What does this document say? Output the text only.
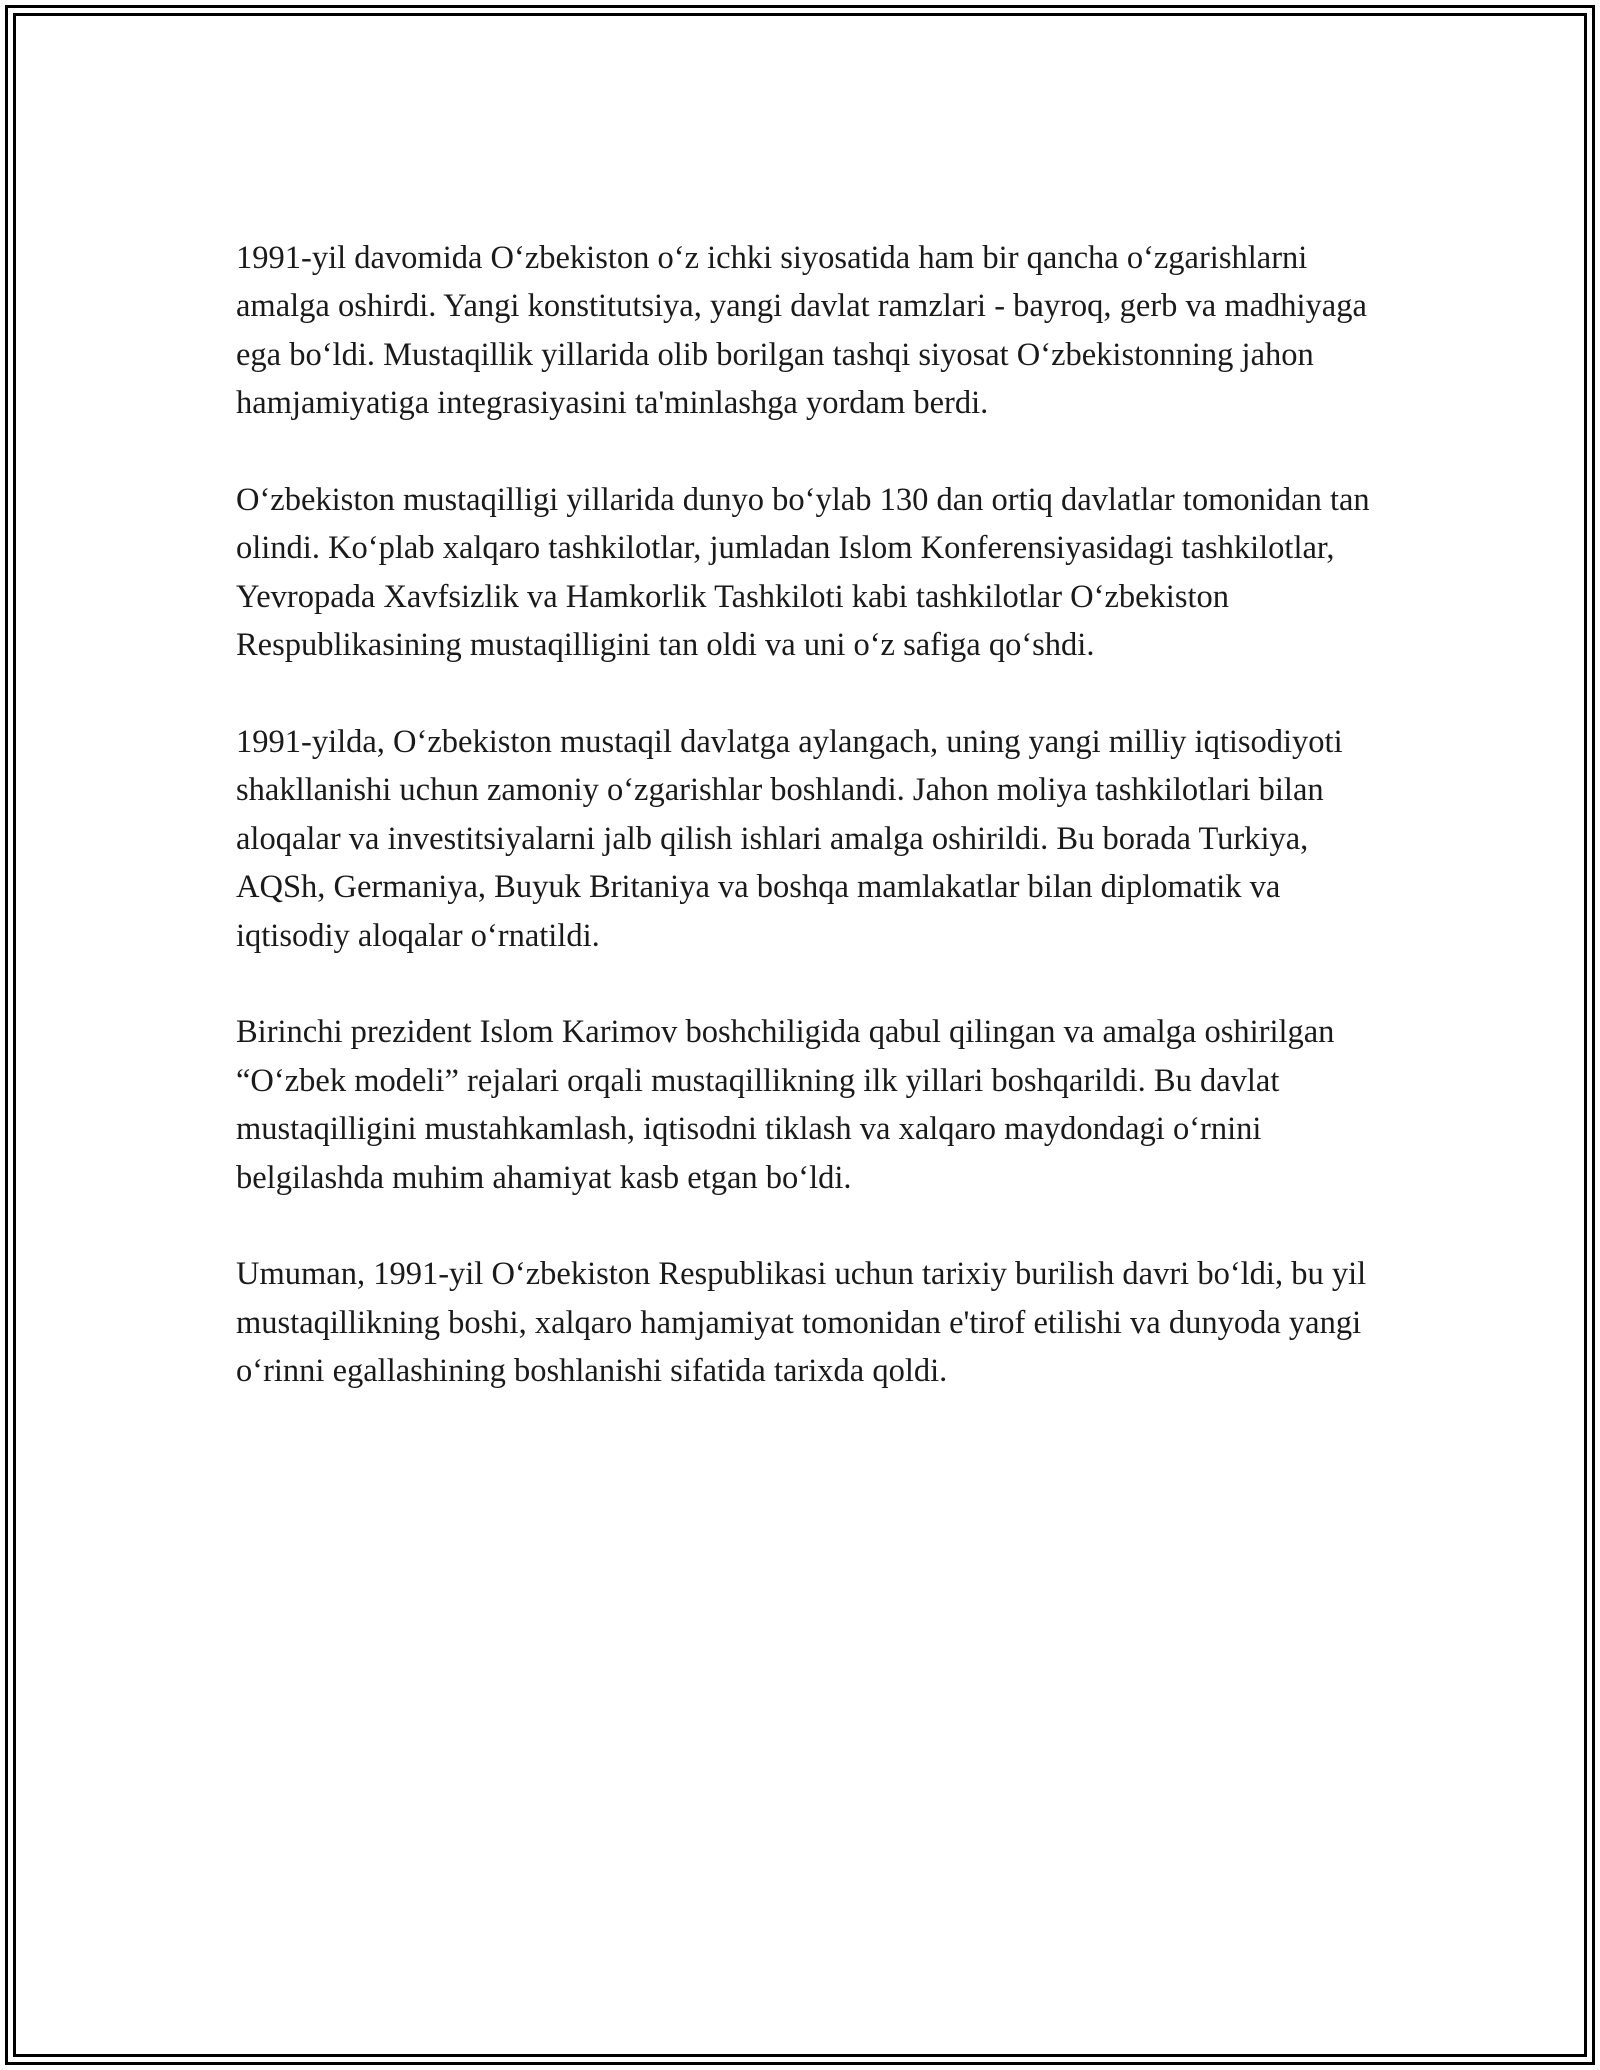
1991-yil davomida O‘zbekiston o‘z ichki siyosatida ham bir qancha o‘zgarishlarni amalga oshirdi. Yangi konstitutsiya, yangi davlat ramzlari - bayroq, gerb va madhiyaga ega bo‘ldi. Mustaqillik yillarida olib borilgan tashqi siyosat O‘zbekistonning jahon hamjamiyatiga integrasiyasini ta'minlashga yordam berdi.

O‘zbekiston mustaqilligi yillarida dunyo bo‘ylab 130 dan ortiq davlatlar tomonidan tan olindi. Ko‘plab xalqaro tashkilotlar, jumladan Islom Konferensiyasidagi tashkilotlar, Yevropada Xavfsizlik va Hamkorlik Tashkiloti kabi tashkilotlar O‘zbekiston Respublikasining mustaqilligini tan oldi va uni o‘z safiga qo‘shdi.

1991-yilda, O‘zbekiston mustaqil davlatga aylangach, uning yangi milliy iqtisodiyoti shakllanishi uchun zamoniy o‘zgarishlar boshlandi. Jahon moliya tashkilotlari bilan aloqalar va investitsiyalarni jalb qilish ishlari amalga oshirildi. Bu borada Turkiya, AQSh, Germaniya, Buyuk Britaniya va boshqa mamlakatlar bilan diplomatik va iqtisodiy aloqalar o‘rnatildi.

Birinchi prezident Islom Karimov boshchiligida qabul qilingan va amalga oshirilgan “O‘zbek modeli” rejalari orqali mustaqillikning ilk yillari boshqarildi. Bu davlat mustaqilligini mustahkamlash, iqtisodni tiklash va xalqaro maydondagi o‘rnini belgilashda muhim ahamiyat kasb etgan bo‘ldi.

Umuman, 1991-yil O‘zbekiston Respublikasi uchun tarixiy burilish davri bo‘ldi, bu yil mustaqillikning boshi, xalqaro hamjamiyat tomonidan e'tirof etilishi va dunyoda yangi o‘rinni egallashining boshlanishi sifatida tarixda qoldi.
